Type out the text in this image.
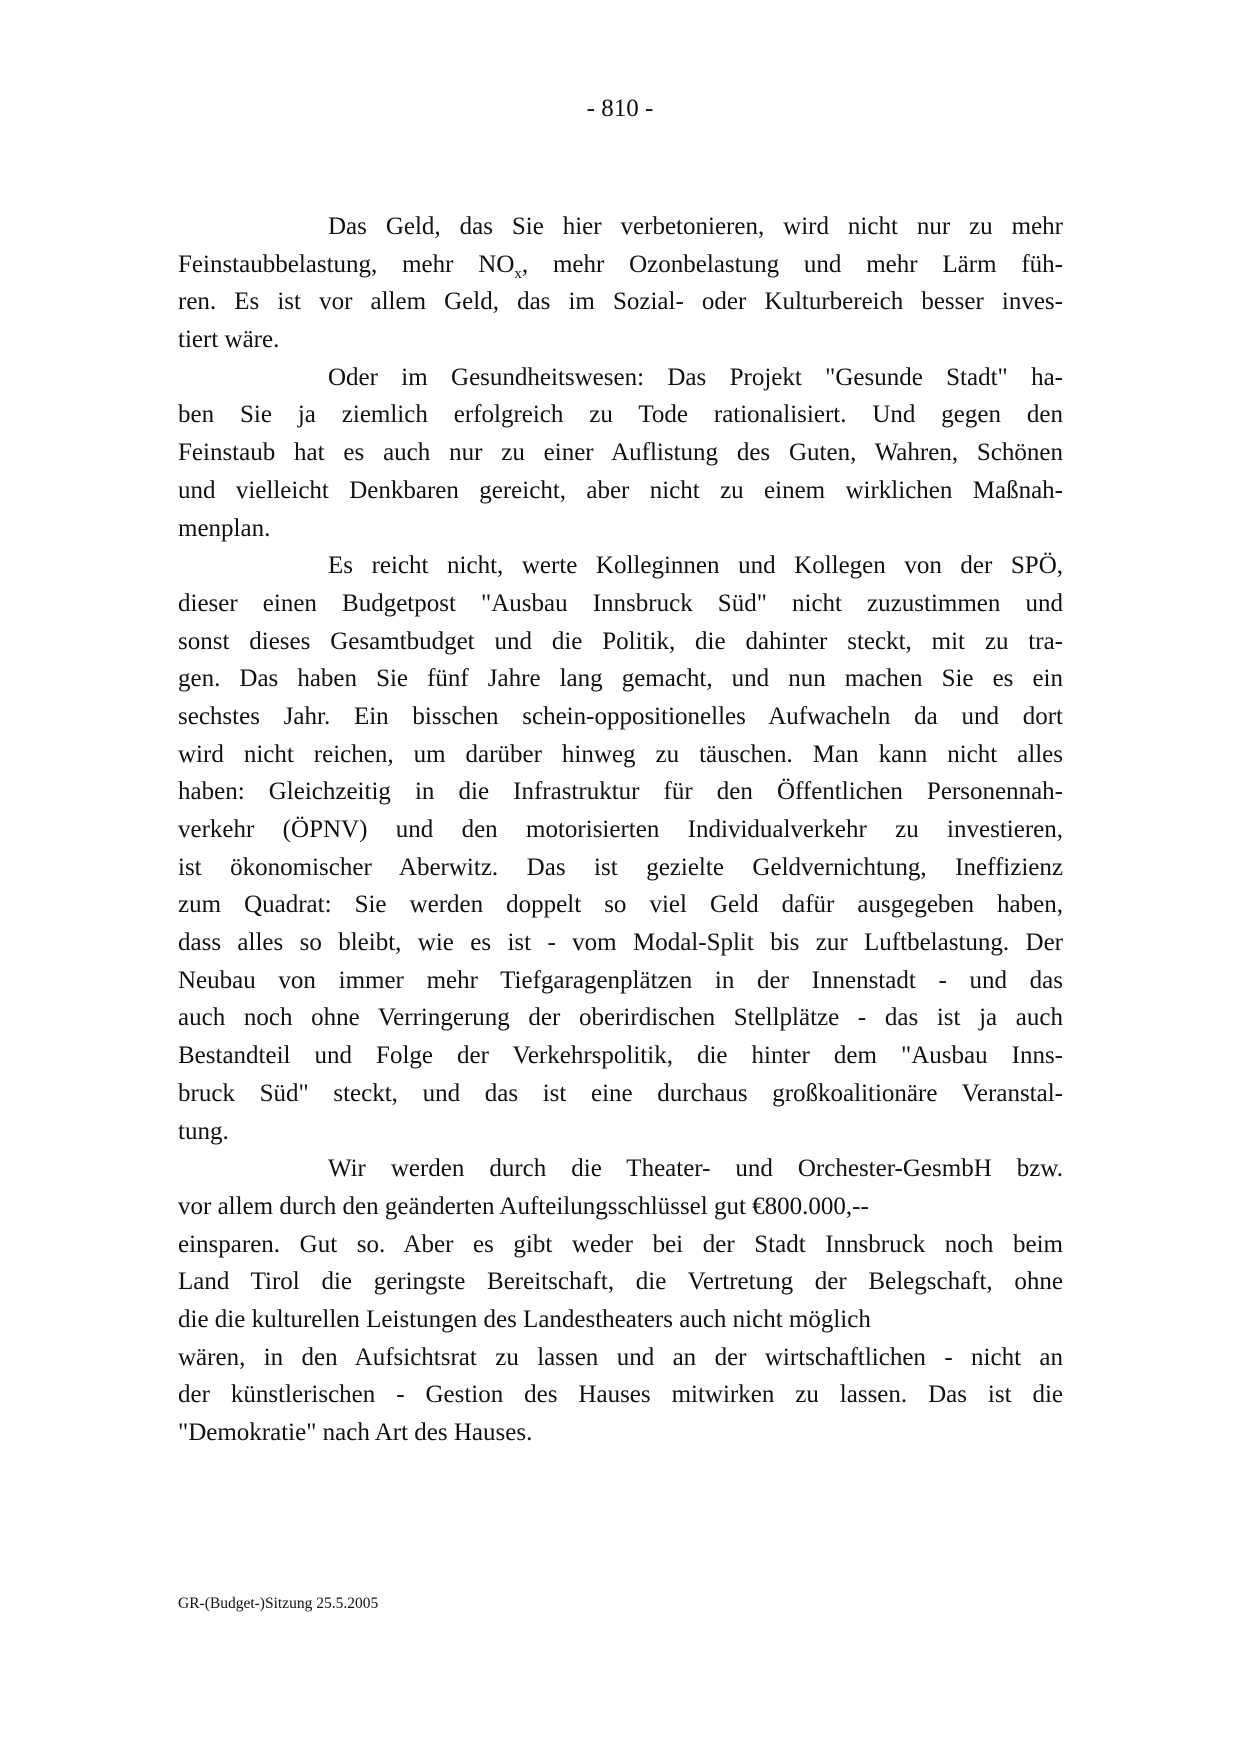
- 810 -

Das Geld, das Sie hier verbetonieren, wird nicht nur zu mehr
Feinstaubbelastung, mehr $NO_x$, mehr Ozonbelastung und mehr Lärm füh-
ren. Es ist vor allem Geld, das im Sozial- oder Kulturbereich besser inves-
tiert wäre.

Oder im Gesundheitswesen: Das Projekt "Gesunde Stadt" ha-
ben Sie ja ziemlich erfolgreich zu Tode rationalisiert. Und gegen den
Feinstaub hat es auch nur zu einer Auflistung des Guten, Wahren, Schönen
und vielleicht Denkbaren gereicht, aber nicht zu einem wirklichen Maßnah-
menplan.

Es reicht nicht, werte Kolleginnen und Kollegen von der SPÖ,
dieser einen Budgetpost "Ausbau Innsbruck Süd" nicht zuzustimmen und
sonst dieses Gesamtbudget und die Politik, die dahinter steckt, mit zu tra-
gen. Das haben Sie fünf Jahre lang gemacht, und nun machen Sie es ein
sechstes Jahr. Ein bisschen schein-oppositionelles Aufwacheln da und dort
wird nicht reichen, um darüber hinweg zu täuschen. Man kann nicht alles
haben: Gleichzeitig in die Infrastruktur für den Öffentlichen Personennah-
verkehr (ÖPNV) und den motorisierten Individualverkehr zu investieren,
ist ökonomischer Aberwitz. Das ist gezielte Geldvernichtung, Ineffizienz
zum Quadrat: Sie werden doppelt so viel Geld dafür ausgegeben haben,
dass alles so bleibt, wie es ist - vom Modal-Split bis zur Luftbelastung. Der
Neubau von immer mehr Tiefgaragenplätzen in der Innenstadt - und das
auch noch ohne Verringerung der oberirdischen Stellplätze - das ist ja auch
Bestandteil und Folge der Verkehrspolitik, die hinter dem "Ausbau Inns-
bruck Süd" steckt, und das ist eine durchaus großkoalitionäre Veranstal-
tung.

Wir werden durch die Theater- und Orchester-GesmbH bzw.
vor allem durch den geänderten Aufteilungsschlüssel gut €800.000,--
einsparen. Gut so. Aber es gibt weder bei der Stadt Innsbruck noch beim
Land Tirol die geringste Bereitschaft, die Vertretung der Belegschaft, ohne
die die kulturellen Leistungen des Landestheaters auch nicht möglich
wären, in den Aufsichtsrat zu lassen und an der wirtschaftlichen - nicht an
der künstlerischen - Gestion des Hauses mitwirken zu lassen. Das ist die
"Demokratie" nach Art des Hauses.

GR-(Budget-)Sitzung 25.5.2005
